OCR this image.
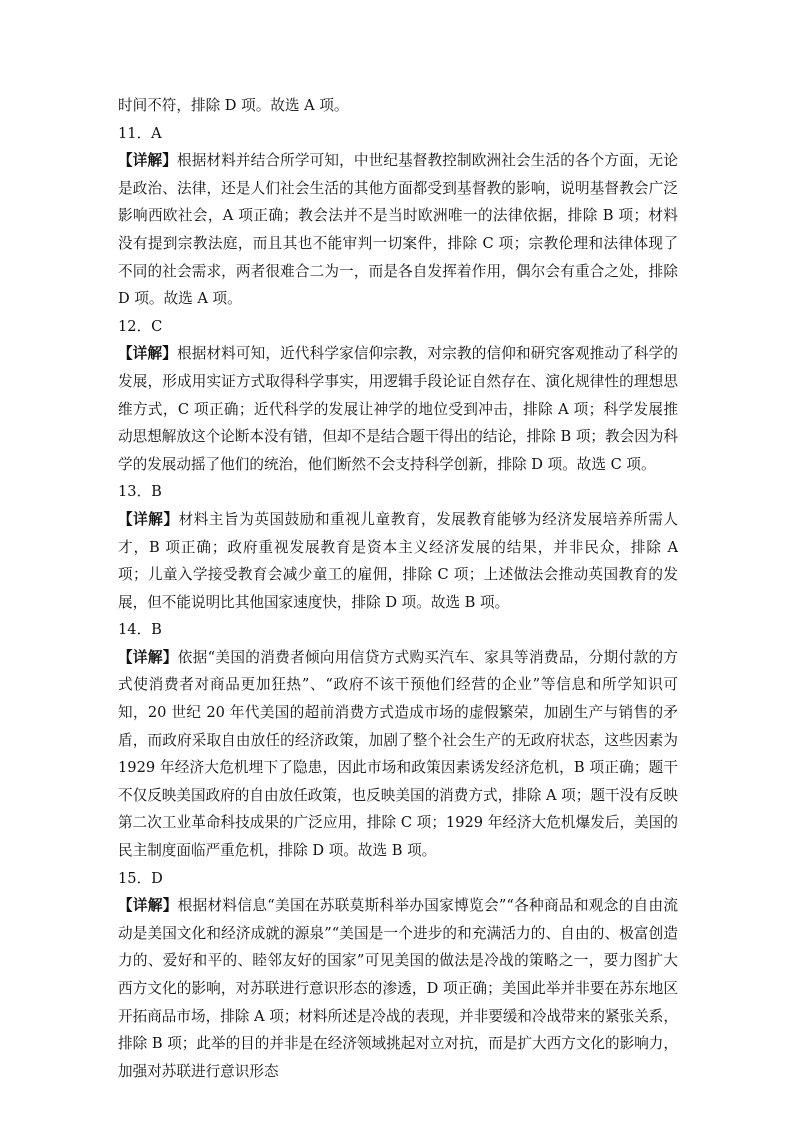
时间不符，排除 D 项。故选 A 项。

11．A

【详解】根据材料并结合所学可知，中世纪基督教控制欧洲社会生活的各个方面，无论是政治、法律，还是人们社会生活的其他方面都受到基督教的影响，说明基督教会广泛影响西欧社会，A 项正确；教会法并不是当时欧洲唯一的法律依据，排除 B 项；材料没有提到宗教法庭，而且其也不能审判一切案件，排除 C 项；宗教伦理和法律体现了不同的社会需求，两者很难合二为一，而是各自发挥着作用，偶尔会有重合之处，排除 D 项。故选 A 项。

12．C

【详解】根据材料可知，近代科学家信仰宗教，对宗教的信仰和研究客观推动了科学的发展，形成用实证方式取得科学事实，用逻辑手段论证自然存在、演化规律性的理想思维方式，C 项正确；近代科学的发展让神学的地位受到冲击，排除 A 项；科学发展推动思想解放这个论断本没有错，但却不是结合题干得出的结论，排除 B 项；教会因为科学的发展动摇了他们的统治，他们断然不会支持科学创新，排除 D 项。故选 C 项。

13．B

【详解】材料主旨为英国鼓励和重视儿童教育，发展教育能够为经济发展培养所需人才，B 项正确；政府重视发展教育是资本主义经济发展的结果，并非民众，排除 A 项；儿童入学接受教育会减少童工的雇佣，排除 C 项；上述做法会推动英国教育的发展，但不能说明比其他国家速度快，排除 D 项。故选 B 项。

14．B

【详解】依据“美国的消费者倾向用信贷方式购买汽车、家具等消费品，分期付款的方式使消费者对商品更加狂热”、“政府不该干预他们经营的企业”等信息和所学知识可知，20 世纪 20 年代美国的超前消费方式造成市场的虚假繁荣，加剧生产与销售的矛盾，而政府采取自由放任的经济政策，加剧了整个社会生产的无政府状态，这些因素为 1929 年经济大危机埋下了隐患，因此市场和政策因素诱发经济危机，B 项正确；题干不仅反映美国政府的自由放任政策，也反映美国的消费方式，排除 A 项；题干没有反映第二次工业革命科技成果的广泛应用，排除 C 项；1929 年经济大危机爆发后，美国的民主制度面临严重危机，排除 D 项。故选 B 项。

15．D

【详解】根据材料信息“美国在苏联莫斯科举办国家博览会”“各种商品和观念的自由流动是美国文化和经济成就的源泉”“美国是一个进步的和充满活力的、自由的、极富创造力的、爱好和平的、睦邻友好的国家”可见美国的做法是冷战的策略之一，要力图扩大西方文化的影响，对苏联进行意识形态的渗透，D 项正确；美国此举并非要在苏东地区开拓商品市场，排除 A 项；材料所述是冷战的表现，并非要缓和冷战带来的紧张关系，排除 B 项；此举的目的并非是在经济领域挑起对立对抗，而是扩大西方文化的影响力，加强对苏联进行意识形态
